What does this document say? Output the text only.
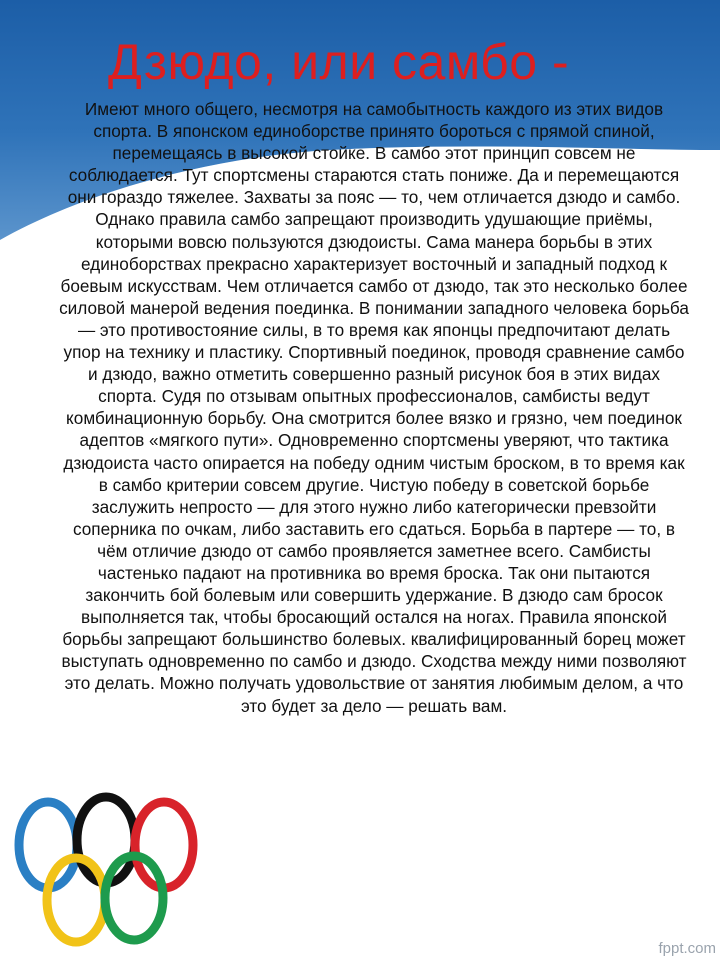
Дзюдо, или самбо -

Имеют много общего, несмотря на самобытность каждого из этих видов спорта. В японском единоборстве принято бороться с прямой спиной, перемещаясь в высокой стойке. В самбо этот принцип совсем не соблюдается. Тут спортсмены стараются стать пониже. Да и перемещаются они гораздо тяжелее. Захваты за пояс — то, чем отличается дзюдо и самбо. Однако правила самбо запрещают производить удушающие приёмы, которыми вовсю пользуются дзюдоисты. Сама манера борьбы в этих единоборствах прекрасно характеризует восточный и западный подход к боевым искусствам. Чем отличается самбо от дзюдо, так это несколько более силовой манерой ведения поединка. В понимании западного человека борьба — это противостояние силы, в то время как японцы предпочитают делать упор на технику и пластику. Спортивный поединок, проводя сравнение самбо и дзюдо, важно отметить совершенно разный рисунок боя в этих видах спорта. Судя по отзывам опытных профессионалов, самбисты ведут комбинационную борьбу. Она смотрится более вязко и грязно, чем поединок адептов «мягкого пути». Одновременно спортсмены уверяют, что тактика дзюдоиста часто опирается на победу одним чистым броском, в то время как в самбо критерии совсем другие. Чистую победу в советской борьбе заслужить непросто — для этого нужно либо категорически превзойти соперника по очкам, либо заставить его сдаться. Борьба в партере — то, в чём отличие дзюдо от самбо проявляется заметнее всего. Самбисты частенько падают на противника во время броска. Так они пытаются закончить бой болевым или совершить удержание. В дзюдо сам бросок выполняется так, чтобы бросающий остался на ногах. Правила японской борьбы запрещают большинство болевых. квалифицированный борец может выступать одновременно по самбо и дзюдо. Сходства между ними позволяют это делать. Можно получать удовольствие от занятия любимым делом, а что это будет за дело — решать вам.

fppt.com
